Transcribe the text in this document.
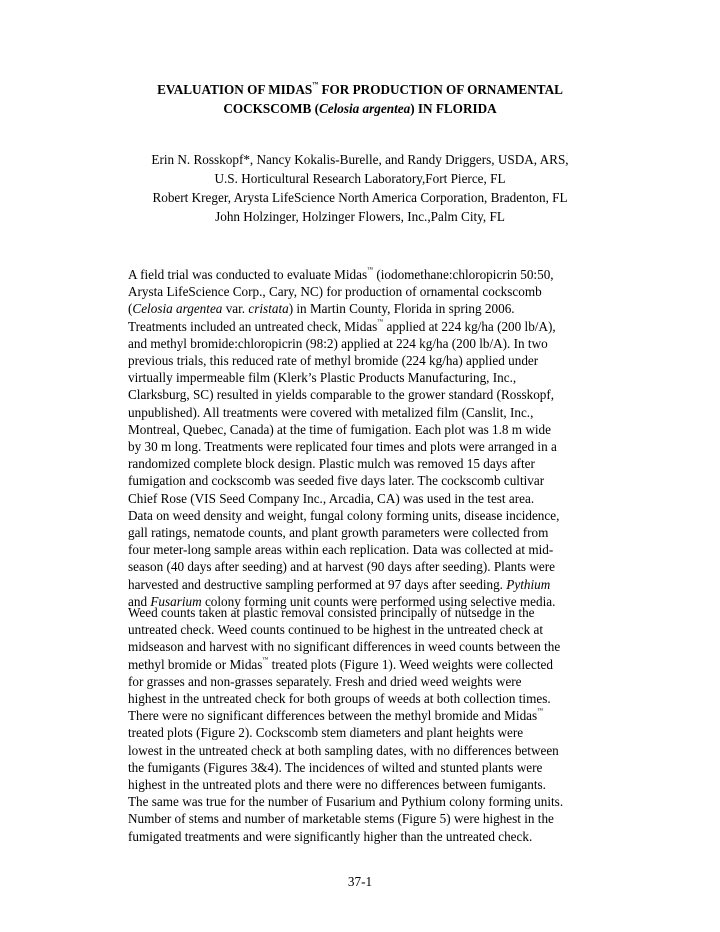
EVALUATION OF MIDAS™ FOR PRODUCTION OF ORNAMENTAL
COCKSCOMB (Celosia argentea) IN FLORIDA
Erin N. Rosskopf*, Nancy Kokalis-Burelle, and Randy Driggers, USDA, ARS,
U.S. Horticultural Research Laboratory,Fort Pierce, FL
Robert Kreger, Arysta LifeScience North America Corporation, Bradenton, FL
John Holzinger, Holzinger Flowers, Inc.,Palm City, FL
A field trial was conducted to evaluate Midas™ (iodomethane:chloropicrin 50:50,
Arysta LifeScience Corp., Cary, NC) for production of ornamental cockscomb
(Celosia argentea var. cristata) in Martin County, Florida in spring 2006.
Treatments included an untreated check, Midas™ applied at 224 kg/ha (200 lb/A),
and methyl bromide:chloropicrin (98:2) applied at 224 kg/ha (200 lb/A). In two
previous trials, this reduced rate of methyl bromide (224 kg/ha) applied under
virtually impermeable film (Klerk’s Plastic Products Manufacturing, Inc.,
Clarksburg, SC) resulted in yields comparable to the grower standard (Rosskopf,
unpublished). All treatments were covered with metalized film (Canslit, Inc.,
Montreal, Quebec, Canada) at the time of fumigation. Each plot was 1.8 m wide
by 30 m long. Treatments were replicated four times and plots were arranged in a
randomized complete block design. Plastic mulch was removed 15 days after
fumigation and cockscomb was seeded five days later. The cockscomb cultivar
Chief Rose (VIS Seed Company Inc., Arcadia, CA) was used in the test area.
Data on weed density and weight, fungal colony forming units, disease incidence,
gall ratings, nematode counts, and plant growth parameters were collected from
four meter-long sample areas within each replication. Data was collected at mid-
season (40 days after seeding) and at harvest (90 days after seeding). Plants were
harvested and destructive sampling performed at 97 days after seeding. Pythium
and Fusarium colony forming unit counts were performed using selective media.
Weed counts taken at plastic removal consisted principally of nutsedge in the
untreated check. Weed counts continued to be highest in the untreated check at
midseason and harvest with no significant differences in weed counts between the
methyl bromide or Midas™ treated plots (Figure 1). Weed weights were collected
for grasses and non-grasses separately. Fresh and dried weed weights were
highest in the untreated check for both groups of weeds at both collection times.
There were no significant differences between the methyl bromide and Midas™
treated plots (Figure 2). Cockscomb stem diameters and plant heights were
lowest in the untreated check at both sampling dates, with no differences between
the fumigants (Figures 3&4). The incidences of wilted and stunted plants were
highest in the untreated plots and there were no differences between fumigants.
The same was true for the number of Fusarium and Pythium colony forming units.
Number of stems and number of marketable stems (Figure 5) were highest in the
fumigated treatments and were significantly higher than the untreated check.
37-1
